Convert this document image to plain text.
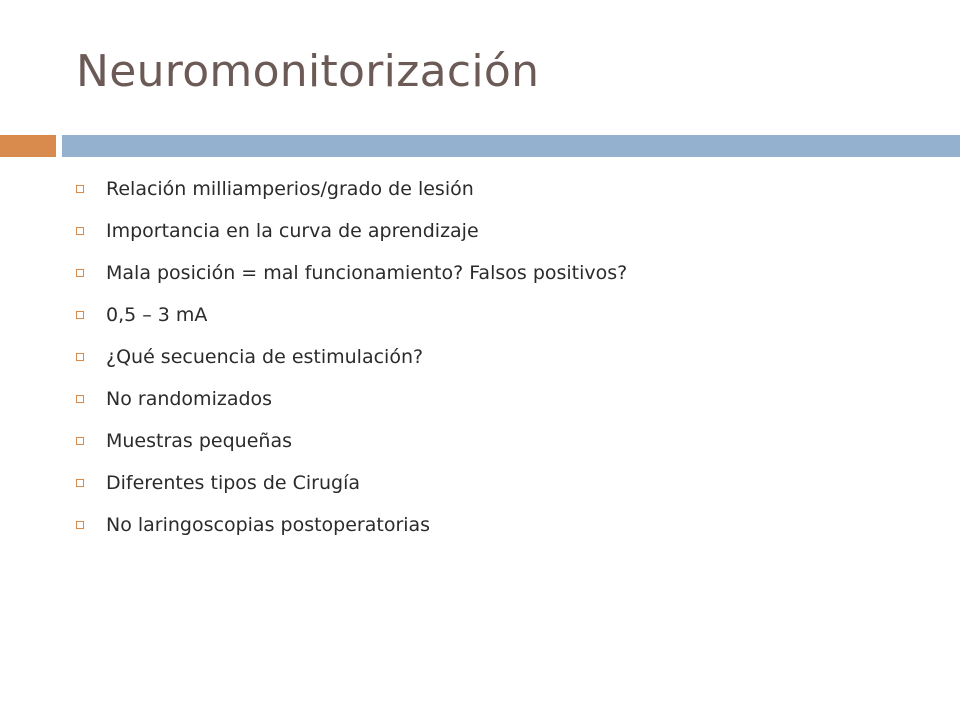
Neuromonitorización
Relación milliamperios/grado de lesión
Importancia en la curva de aprendizaje
Mala posición = mal funcionamiento? Falsos positivos?
0,5 – 3 mA
¿Qué secuencia de estimulación?
No randomizados
Muestras pequeñas
Diferentes tipos de Cirugía
No laringoscopias postoperatorias
